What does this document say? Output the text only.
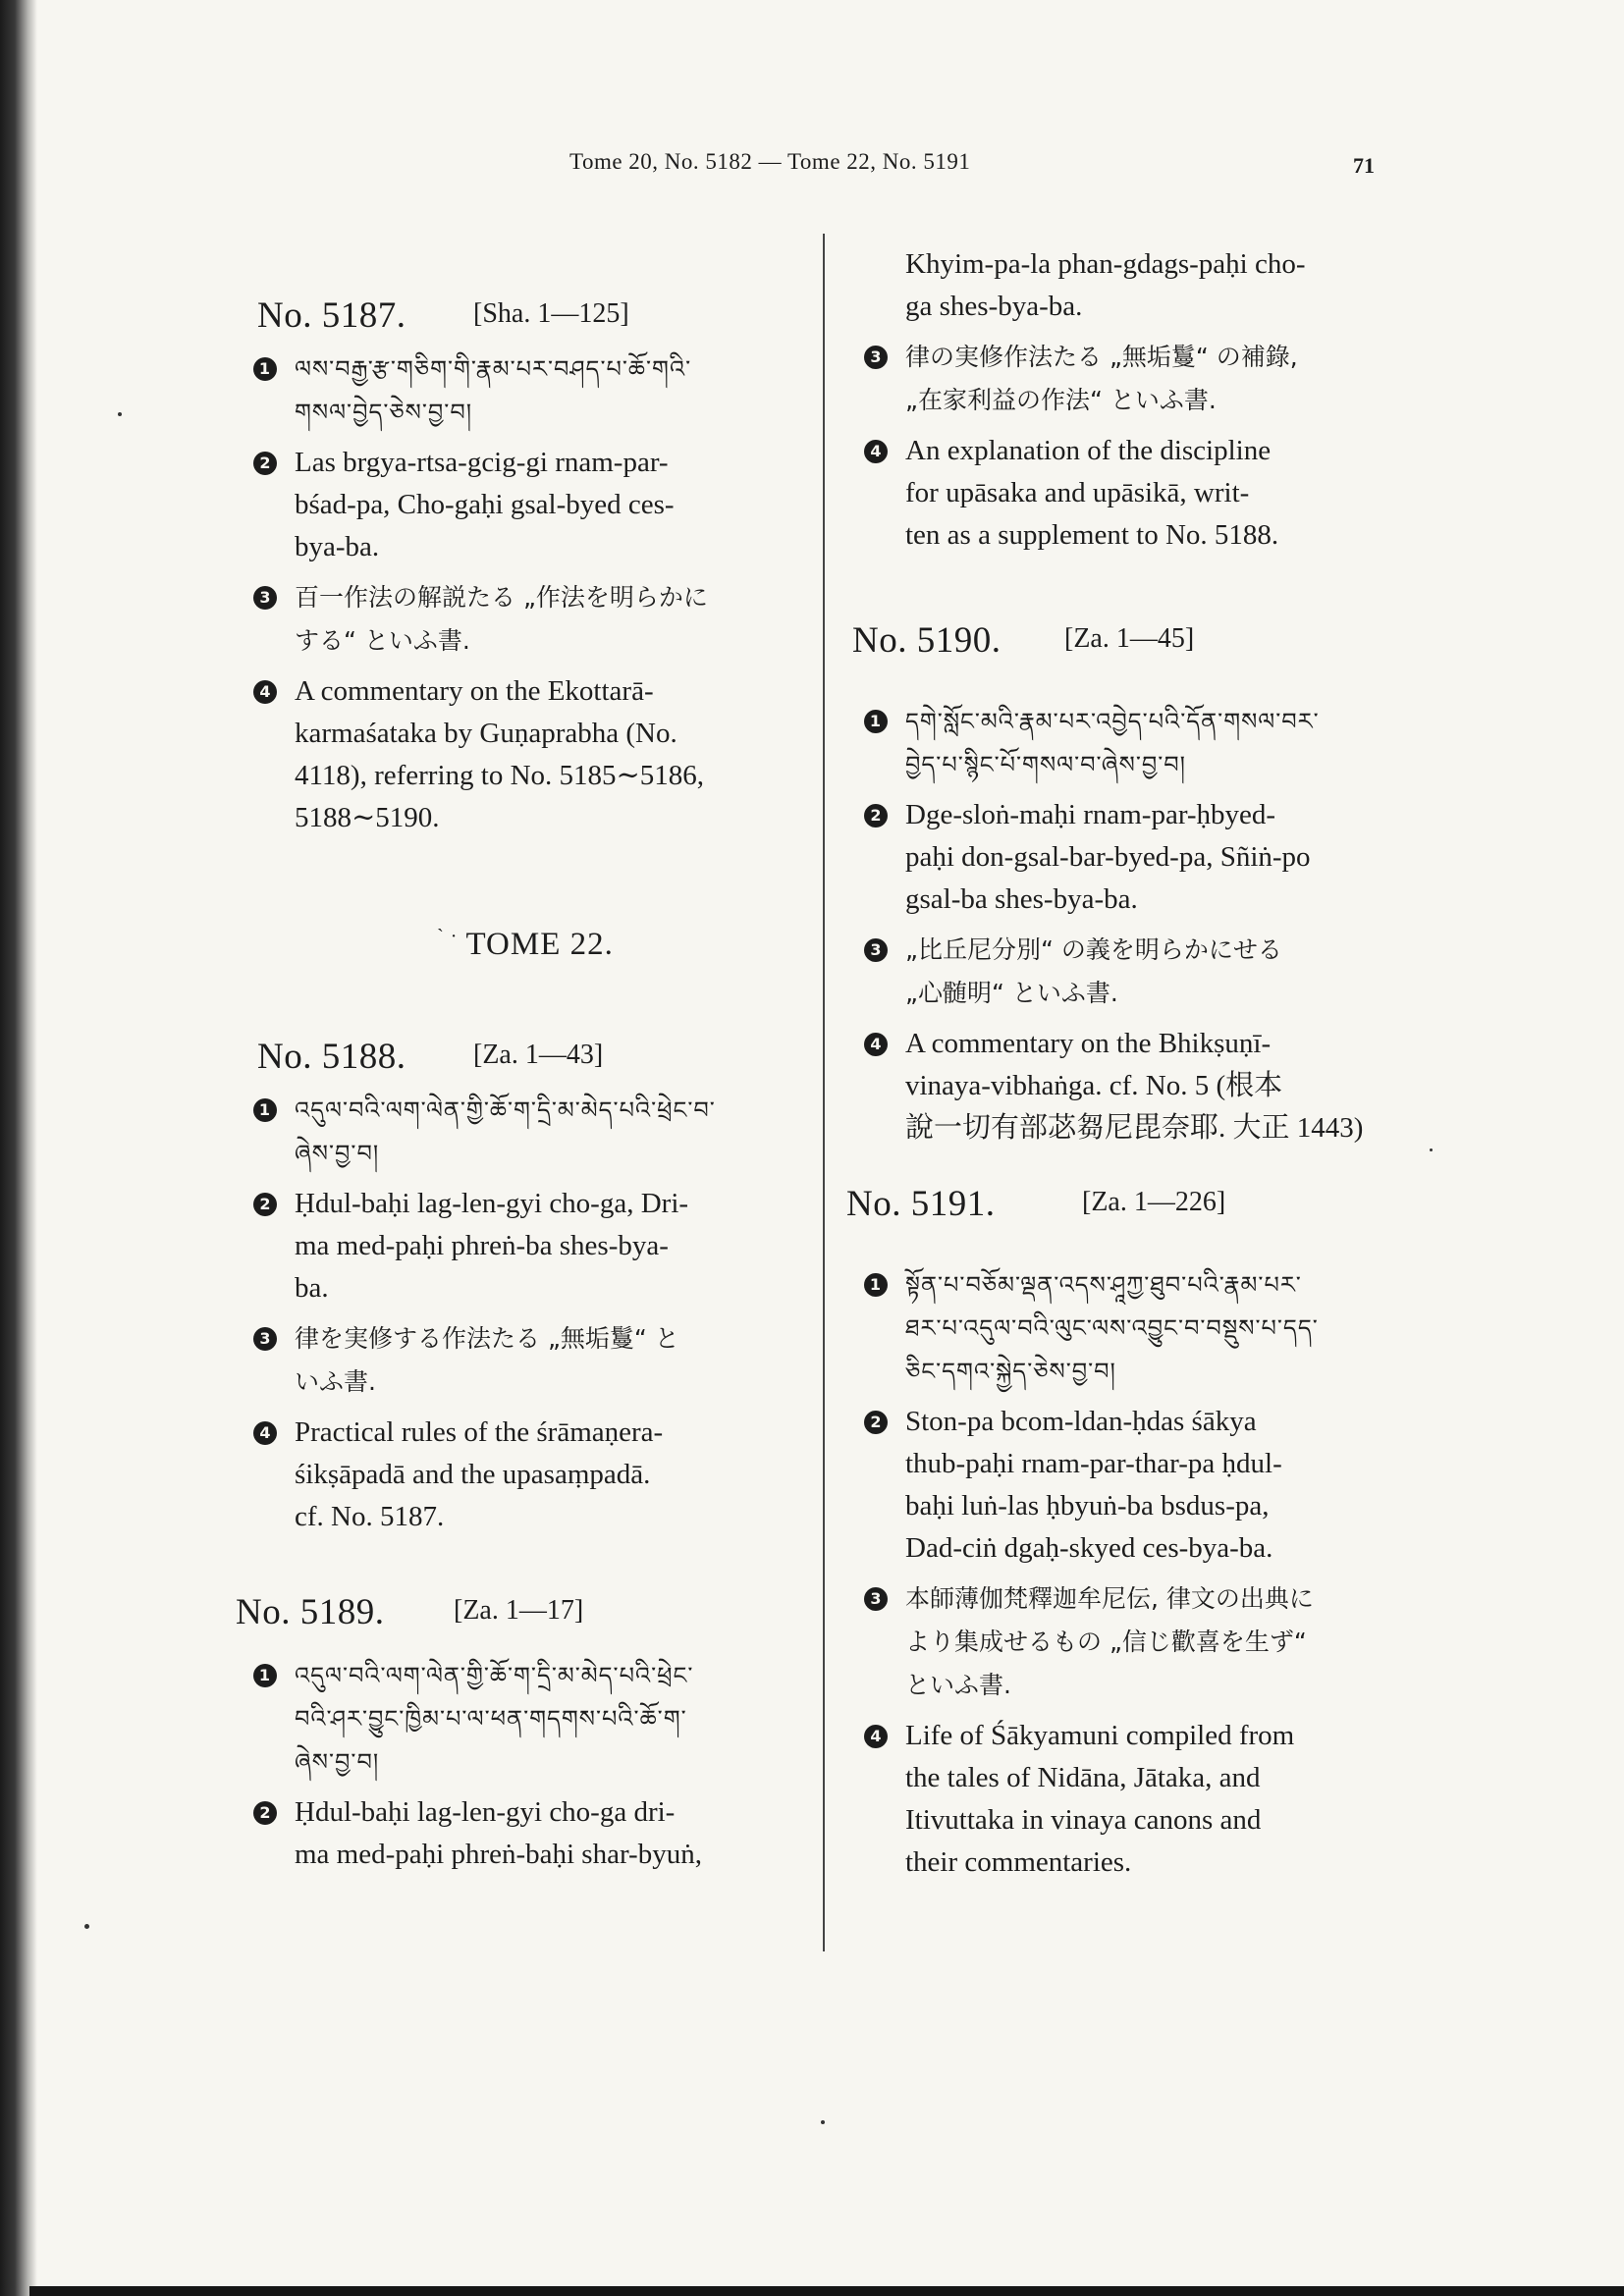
Tome 20, No. 5182 — Tome 22, No. 5191	71
No. 5187. [Sha. 1—125]
1 ལས་བརྒྱ་རྩ་གཅིག་གི་རྣམ་པར་བཤད་པ་ཆོ་གའི་
གསལ་བྱེད་ཅེས་བྱ་བ།
2 Las brgya-rtsa-gcig-gi rnam-par-
bśad-pa, Cho-gaḥi gsal-byed ces-
bya-ba.
3 百一作法の解説たる „作法を明らかに
する“ といふ書.
4 A commentary on the Ekottarā-
karmaśataka by Guṇaprabha (No.
4118), referring to No. 5185∼5186,
5188∼5190.
` · TOME 22.
No. 5188. [Za. 1—43]
1 འདུལ་བའི་ལག་ལེན་གྱི་ཆོ་ག་དྲི་མ་མེད་པའི་ཕྲེང་བ་
ཞེས་བྱ་བ།
2 Ḥdul-baḥi lag-len-gyi cho-ga, Dri-
ma med-paḥi phreṅ-ba shes-bya-
ba.
3 律を実修する作法たる „無垢鬘“ と
いふ書.
4 Practical rules of the śrāmaṇera-
śikṣāpadā and the upasaṃpadā.
cf. No. 5187.
No. 5189.	[Za. 1—17]
1 འདུལ་བའི་ལག་ལེན་གྱི་ཆོ་ག་དྲི་མ་མེད་པའི་ཕྲེང་
བའི་ཤར་བྱུང་ཁྱིམ་པ་ལ་ཕན་གདགས་པའི་ཆོ་ག་
ཞེས་བྱ་བ།
2 Ḥdul-baḥi lag-len-gyi cho-ga dri-
ma med-paḥi phreṅ-baḥi shar-byuṅ,
Khyim-pa-la phan-gdags-paḥi cho-
ga shes-bya-ba.
3 律の実修作法たる „無垢鬘“ の補錄,
„在家利益の作法“ といふ書.
4 An explanation of the discipline
for upāsaka and upāsikā, writ-
ten as a supplement to No. 5188.
No. 5190. [Za. 1—45]
1 དགེ་སློང་མའི་རྣམ་པར་འབྱེད་པའི་དོན་གསལ་བར་
བྱེད་པ་སྙིང་པོ་གསལ་བ་ཞེས་བྱ་བ།
2 Dge-sloṅ-maḥi rnam-par-ḥbyed-
paḥi don-gsal-bar-byed-pa, Sñiṅ-po
gsal-ba shes-bya-ba.
3 „比丘尼分別“ の義を明らかにせる
„心髄明“ といふ書.
4 A commentary on the Bhikṣuṇī-
vinaya-vibhaṅga. cf. No. 5 (根本
說一切有部苾芻尼毘奈耶. 大正 1443)
No. 5191.	[Za. 1—226]
1 སྟོན་པ་བཅོམ་ལྡན་འདས་ཤཱཀྱ་ཐུབ་པའི་རྣམ་པར་
ཐར་པ་འདུལ་བའི་ལུང་ལས་འབྱུང་བ་བསྡུས་པ་དད་
ཅིང་དགའ་སྐྱེད་ཅེས་བྱ་བ།
2 Ston-pa bcom-ldan-ḥdas śākya
thub-paḥi rnam-par-thar-pa ḥdul-
baḥi luṅ-las ḥbyuṅ-ba bsdus-pa,
Dad-ciṅ dgaḥ-skyed ces-bya-ba.
3 本師薄伽梵釋迦牟尼伝, 律文の出典に
より集成せるもの „信じ歡喜を生ず“
といふ書.
4 Life of Śākyamuni compiled from
the tales of Nidāna, Jātaka, and
Itivuttaka in vinaya canons and
their commentaries.
